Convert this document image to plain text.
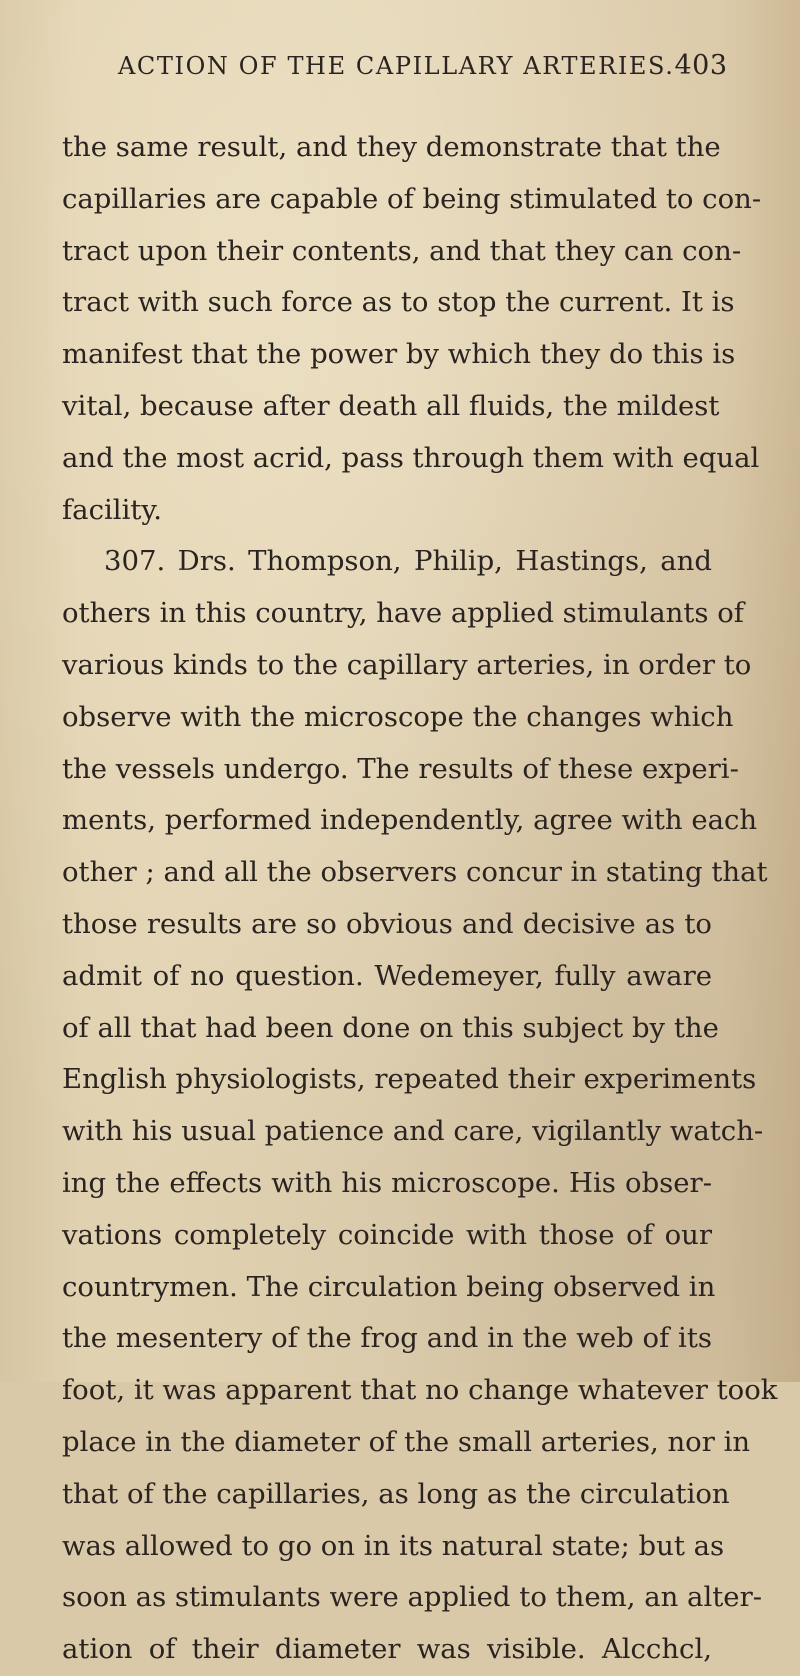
ACTION OF THE CAPILLARY ARTERIES. 403
the same result, and they demonstrate that the
capillaries are capable of being stimulated to con-
tract upon their contents, and that they can con-
tract with such force as to stop the current. It is
manifest that the power by which they do this is
vital, because after death all fluids, the mildest
and the most acrid, pass through them with equal
facility.
307. Drs. Thompson, Philip, Hastings, and
others in this country, have applied stimulants of
various kinds to the capillary arteries, in order to
observe with the microscope the changes which
the vessels undergo. The results of these experi-
ments, performed independently, agree with each
other ; and all the observers concur in stating that
those results are so obvious and decisive as to
admit of no question. Wedemeyer, fully aware
of all that had been done on this subject by the
English physiologists, repeated their experiments
with his usual patience and care, vigilantly watch-
ing the effects with his microscope. His obser-
vations completely coincide with those of our
countrymen. The circulation being observed in
the mesentery of the frog and in the web of its
foot, it was apparent that no change whatever took
place in the diameter of the small arteries, nor in
that of the capillaries, as long as the circulation
was allowed to go on in its natural state; but as
soon as stimulants were applied to them, an alter-
ation of their diameter was visible. Alcchcl,
